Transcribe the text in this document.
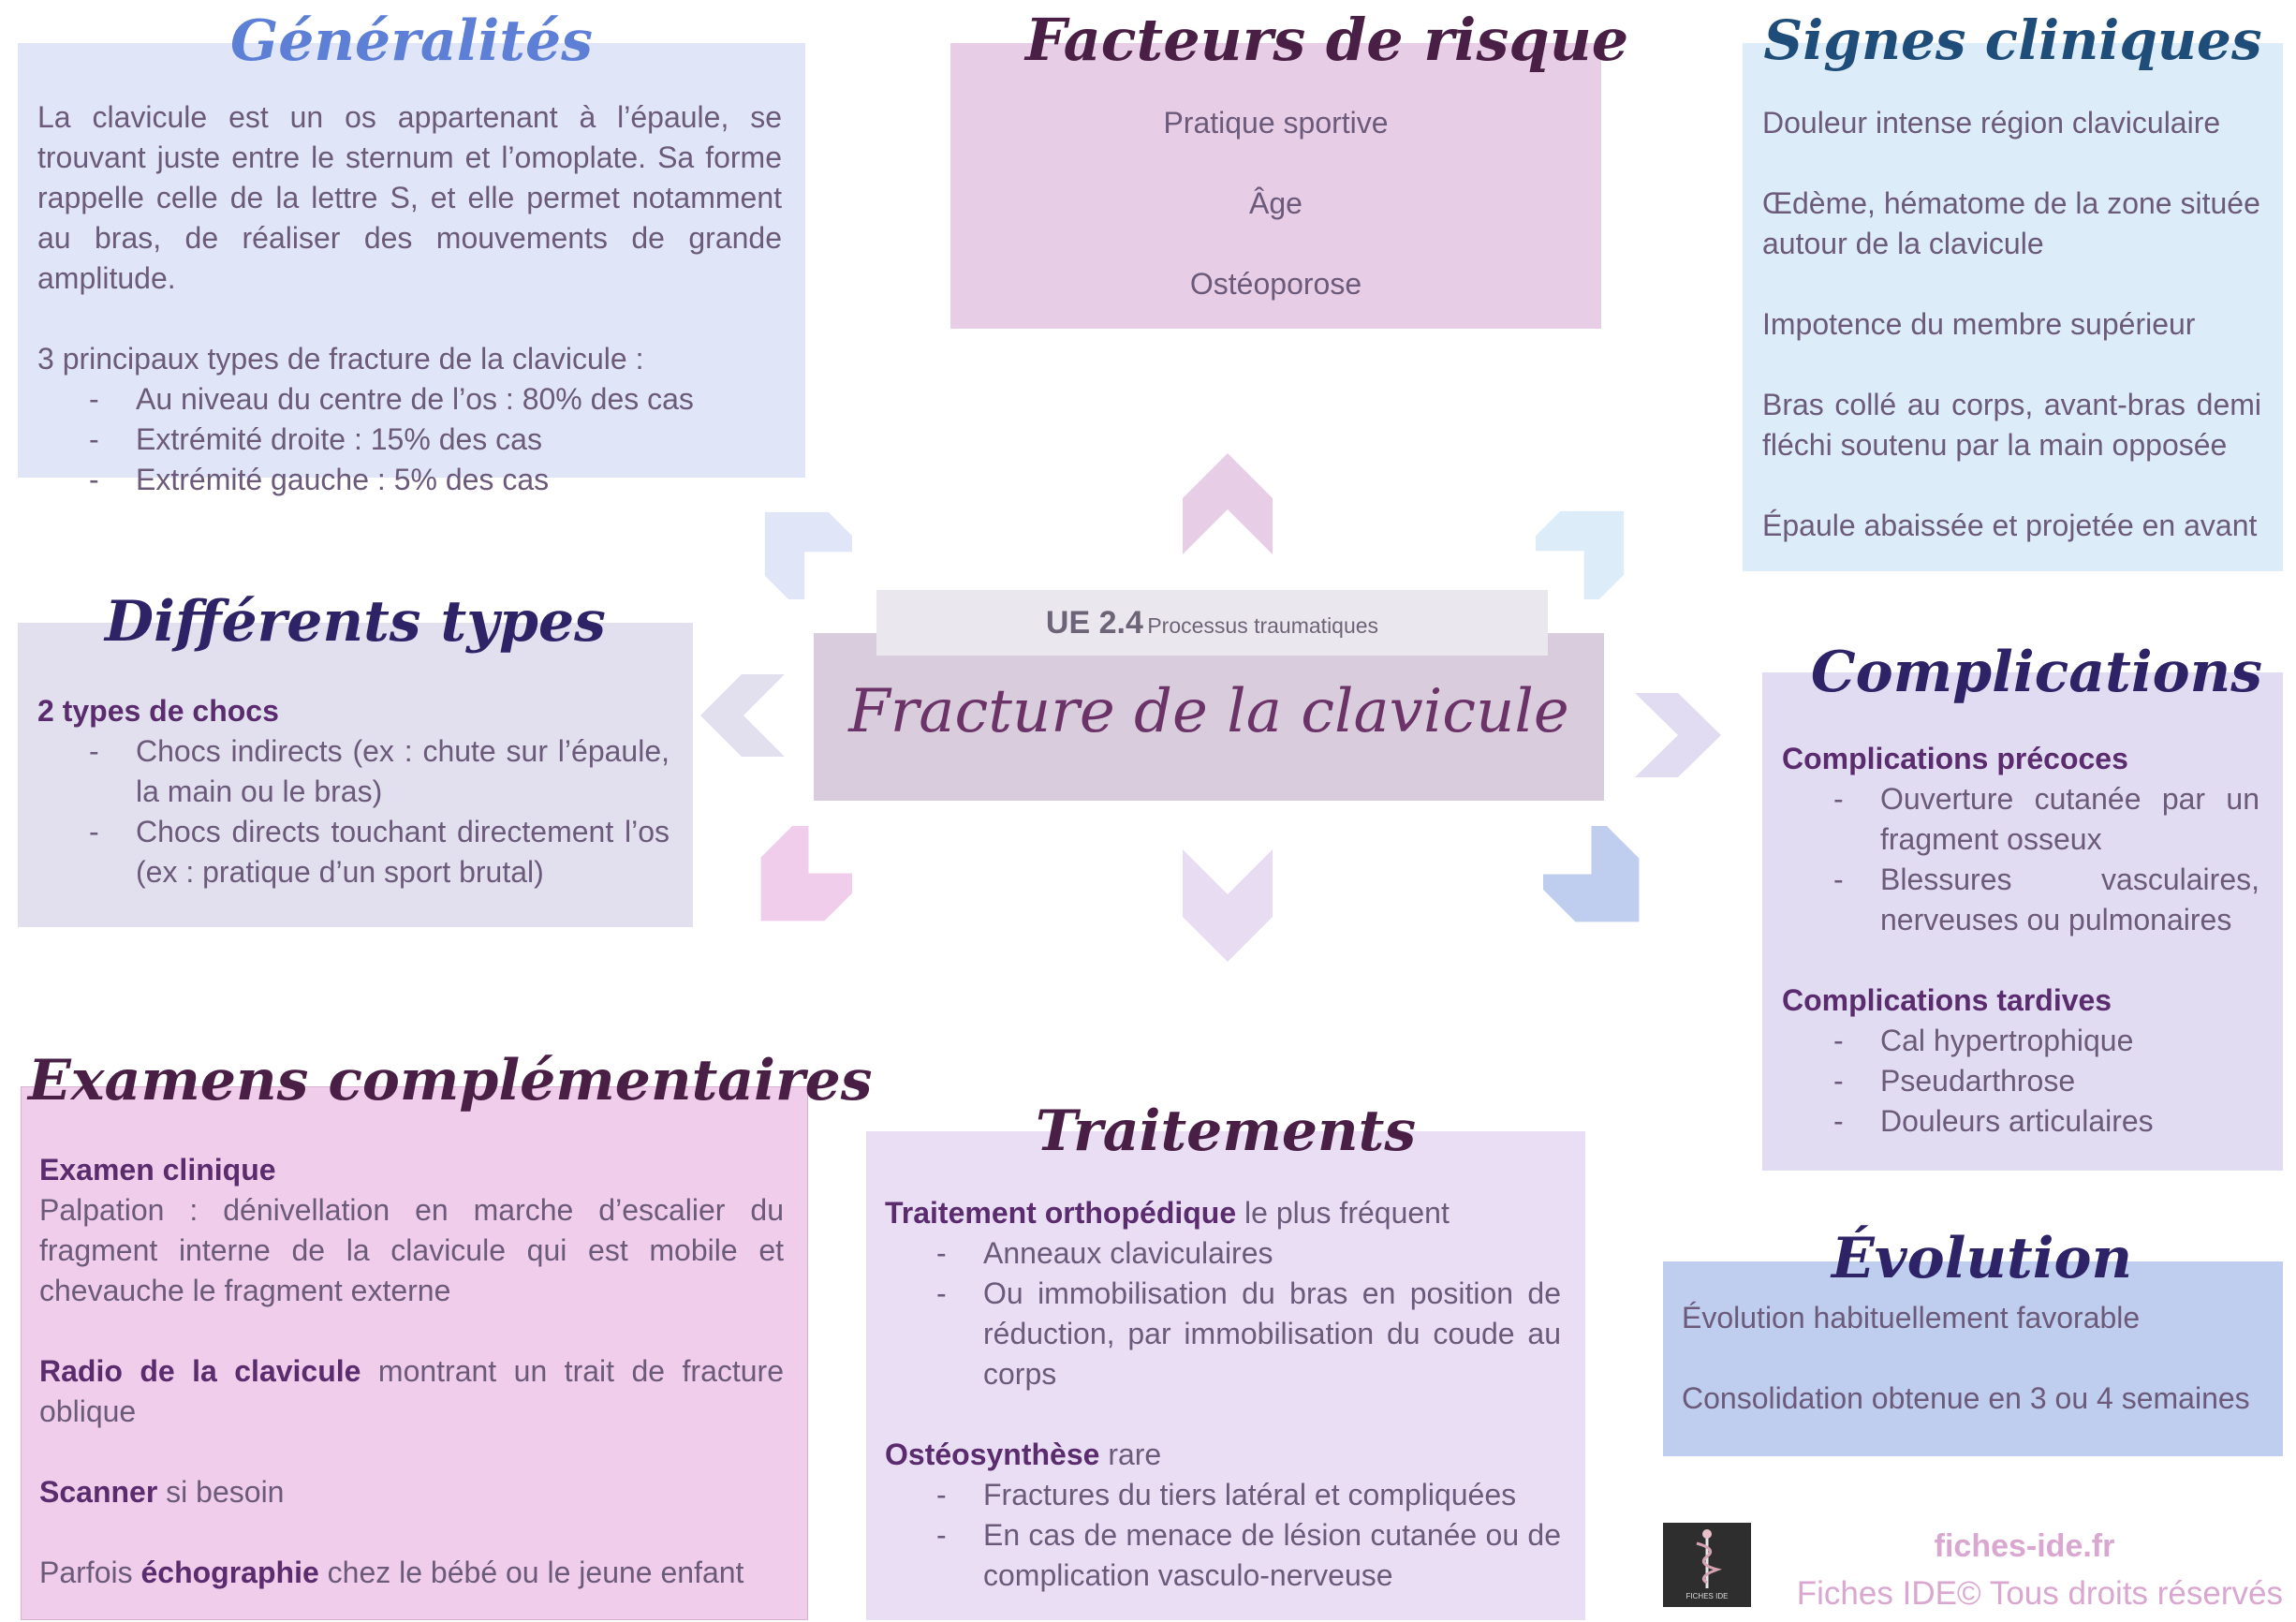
Généralités

La clavicule est un os appartenant à l’épaule, se trouvant juste entre le sternum et l’omoplate. Sa forme rappelle celle de la lettre S, et elle permet notamment au bras, de réaliser des mouvements de grande amplitude.

3 principaux types de fracture de la clavicule :

- Au niveau du centre de l’os : 80% des cas
- Extrémité droite : 15% des cas
- Extrémité gauche : 5% des cas
Facteurs de risque

Pratique sportive

Âge

Ostéoporose

Signes cliniques

Douleur intense région claviculaire

Œdème, hématome de la zone située autour de la clavicule

Impotence du membre supérieur

Bras collé au corps, avant-bras demi fléchi soutenu par la main opposée

Épaule abaissée et projetée en avant

UE 2.4 Processus traumatiques
Fracture de la clavicule
Différents types

2 types de chocs

- Chocs indirects (ex : chute sur l’épaule, la main ou le bras)
- Chocs directs touchant directement l’os (ex : pratique d’un sport brutal)
Complications

Complications précoces

- Ouverture cutanée par un fragment osseux
- Blessures vasculaires, nerveuses ou pulmonaires

Complications tardives

- Cal hypertrophique
- Pseudarthrose
- Douleurs articulaires
Examens complémentaires

Examen clinique

Palpation : dénivellation en marche d’escalier du fragment interne de la clavicule qui est mobile et chevauche le fragment externe

Radio de la clavicule montrant un trait de fracture oblique

Scanner si besoin

Parfois échographie chez le bébé ou le jeune enfant

Traitements

Traitement orthopédique le plus fréquent

- Anneaux claviculaires
- Ou immobilisation du bras en position de réduction, par immobilisation du coude au corps

Ostéosynthèse rare

- Fractures du tiers latéral et compliquées
- En cas de menace de lésion cutanée ou de complication vasculo-nerveuse
Évolution

Évolution habituellement favorable

Consolidation obtenue en 3 ou 4 semaines

FICHES IDE
fiches-ide.fr
Fiches IDE© Tous droits réservés
